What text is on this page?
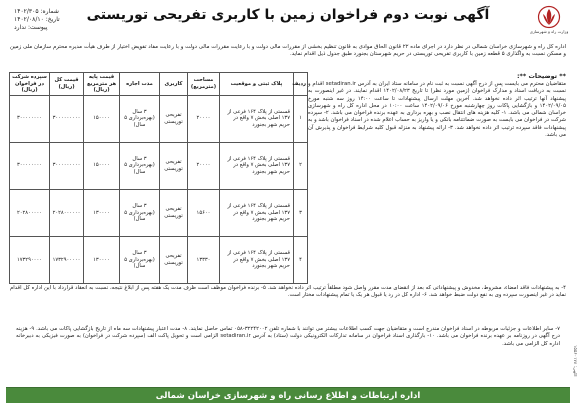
وزارت راه و شهرسازی
آگهی نوبت دوم فراخوان زمین با کاربری تفریحی توریستی
شماره: ۱۴۰۲/۳۰۵
تاریخ: ۱۴۰۲/۰۸/۱۰
پیوست: ندارد
اداره کل راه و شهرسازی خراسان شمالی در نظر دارد در اجرای ماده ۲۲ قانون الحاق موادی به قانون تنظیم بخشی از مقررات مالی دولت و با رعایت مقررات مالی دولت و با رعایت مفاد تفویض اختیار از طرف هیأت مدیره محترم سازمان ملی زمین و مسکن نسبت به واگذاری ۵ قطعه زمین با کاربری تفریحی توریستی در حریم شهرستان بجنورد طبق جدول ذیل اقدام نماید.
** توضیحات **:
متقاضیان محترم می بایست پس از درج آگهی نسبت به ثبت نام در سامانه ستاد ایران به آدرس setadiran.ir اقدام و نسبت به دریافت اسناد و مدارک فراخوان (زمین مورد نظر) تا تاریخ ۱۴۰۲/۰۸/۲۳ اقدام نمایند. در غیر اینصورت به پیشنهاد آنها ترتیب اثر داده نخواهد شد. آخرین مهلت ارسال پیشنهادات تا ساعت ۱۴:۰۰ روز سه شنبه مورخ ۱۴۰۲/۰۹/۰۵ و بازگشایی پاکات روز چهارشنبه مورخ ۱۴۰۲/۰۹/۰۶ ساعت ۱۰:۰۰ در محل اداره کل راه و شهرسازی خراسان شمالی می باشد. ۱- کلیه هزینه های انتقال نصب و بهره برداری به عهده برنده فراخوان می باشد. ۲- سپرده شرکت در فراخوان می بایست به صورت ضمانتنامه بانکی و یا واریز به حساب اعلام شده در اسناد فراخوان باشد و به پیشنهادات فاقد سپرده ترتیب اثر داده نخواهد شد. ۳- ارائه پیشنهاد به منزله قبول کلیه شرایط فراخوان و پذیرش آن می باشد.
ردیف	پلاک ثبتی و موقعیت	مساحت (مترمربع)	کاربری	مدت اجاره	قیمت پایه هر مترمربع (ریال)	قیمت کل (ریال)	سپرده شرکت در فراخوان (ریال)
۱	قسمتی از پلاک ۱۶۴ فرعی از ۱۳۷ اصلی بخش ۷ واقع در حریم شهر بجنورد	۲۰۰۰۰	تفریحی توریستی	۳ سال (بهره‌برداری ۵ سال)	۱۵۰۰۰۰	۳۰۰۰۰۰۰۰۰۰	۳۰۰۰۰۰۰۰۰
۲	قسمتی از پلاک ۱۶۴ فرعی از ۱۳۷ اصلی بخش ۷ واقع در حریم شهر بجنورد	۲۰۰۰۰	تفریحی توریستی	۳ سال (بهره‌برداری ۵ سال)	۱۵۰۰۰۰	۳۰۰۰۰۰۰۰۰۰	۳۰۰۰۰۰۰۰۰
۳	قسمتی از پلاک ۱۶۴ فرعی از ۱۳۷ اصلی بخش ۷ واقع در حریم شهر بجنورد	۱۵۶۰۰	تفریحی توریستی	۳ سال (بهره‌برداری ۵ سال)	۱۳۰۰۰۰	۲۰۲۸۰۰۰۰۰۰	۲۰۲۸۰۰۰۰۰
۴	قسمتی از پلاک ۱۶۴ فرعی از ۱۳۷ اصلی بخش ۷ واقع در حریم شهر بجنورد	۱۳۳۳۰	تفریحی توریستی	۳ سال (بهره‌برداری ۵ سال)	۱۳۰۰۰۰	۱۷۳۲۹۰۰۰۰۰	۱۷۳۲۹۰۰۰۰
۴- به پیشنهادات فاقد امضاء، مشروط، مخدوش و پیشنهاداتی که بعد از انقضای مدت مقرر واصل شود مطلقاً ترتیب اثر داده نخواهد شد. ۵- برنده فراخوان موظف است ظرف مدت یک هفته پس از ابلاغ نتیجه، نسبت به انعقاد قرارداد با این اداره کل اقدام نماید در غیر اینصورت سپرده وی به نفع دولت ضبط خواهد شد. ۶- اداره کل در رد یا قبول هر یک یا تمام پیشنهادات مختار است.
۷- سایر اطلاعات و جزئیات مربوطه در اسناد فراخوان مندرج است و متقاضیان جهت کسب اطلاعات بیشتر می توانند با شماره تلفن ۳۲۲۴۲۰۰۲-۰۵۸ تماس حاصل نمایند. ۸- مدت اعتبار پیشنهادات سه ماه از تاریخ بازگشایی پاکات می باشد. ۹- هزینه درج آگهی در روزنامه بر عهده برنده فراخوان می باشد. ۱۰- بارگذاری اسناد فراخوان در سامانه تدارکات الکترونیکی دولت (ستاد) به آدرس setadiran.ir الزامی است و تحویل پاکت الف (سپرده شرکت در فراخوان) به صورت فیزیکی به دبیرخانه اداره کل الزامی می باشد.
آگهی: ۱۵۵۶۰۱۷۸
اداره ارتباطات و اطلاع رسانی راه و شهرسازی خراسان شمالی
